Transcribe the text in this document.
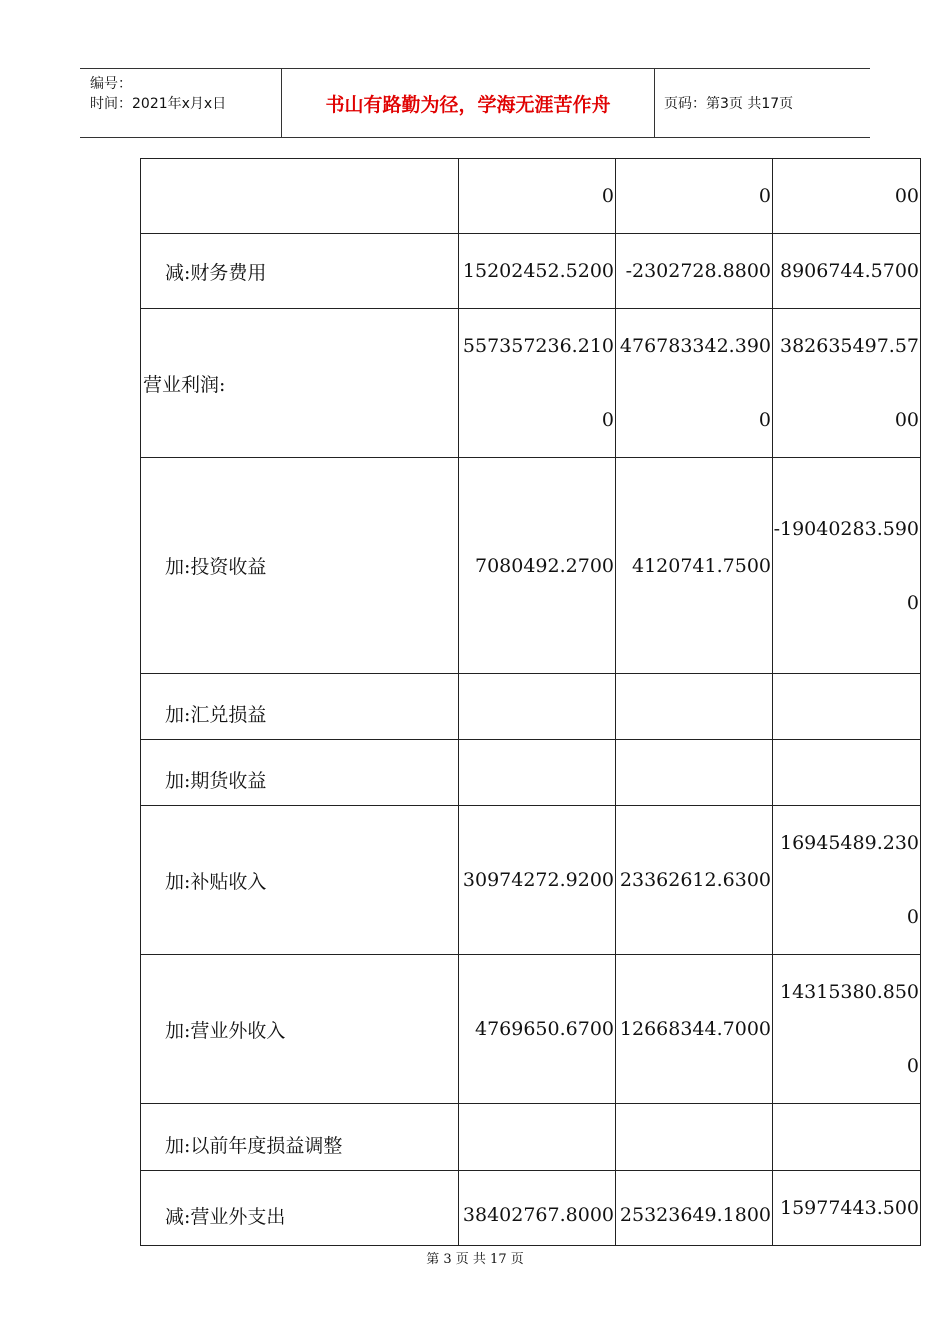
编号：
时间：2021年x月x日	书山有路勤为径，学海无涯苦作舟	页码：第3页 共17页
	0	0	00
减:财务费用	15202452.5200	-2302728.8800	8906744.5700
营业利润:	557357236.2100	476783342.3900	382635497.5700
加:投资收益	7080492.2700	4120741.7500	-19040283.5900
加:汇兑损益			
加:期货收益			
加:补贴收入	30974272.9200	23362612.6300	16945489.2300
加:营业外收入	4769650.6700	12668344.7000	14315380.8500
加:以前年度损益调整			
减:营业外支出	38402767.8000	25323649.1800	15977443.500
第 3 页 共 17 页
